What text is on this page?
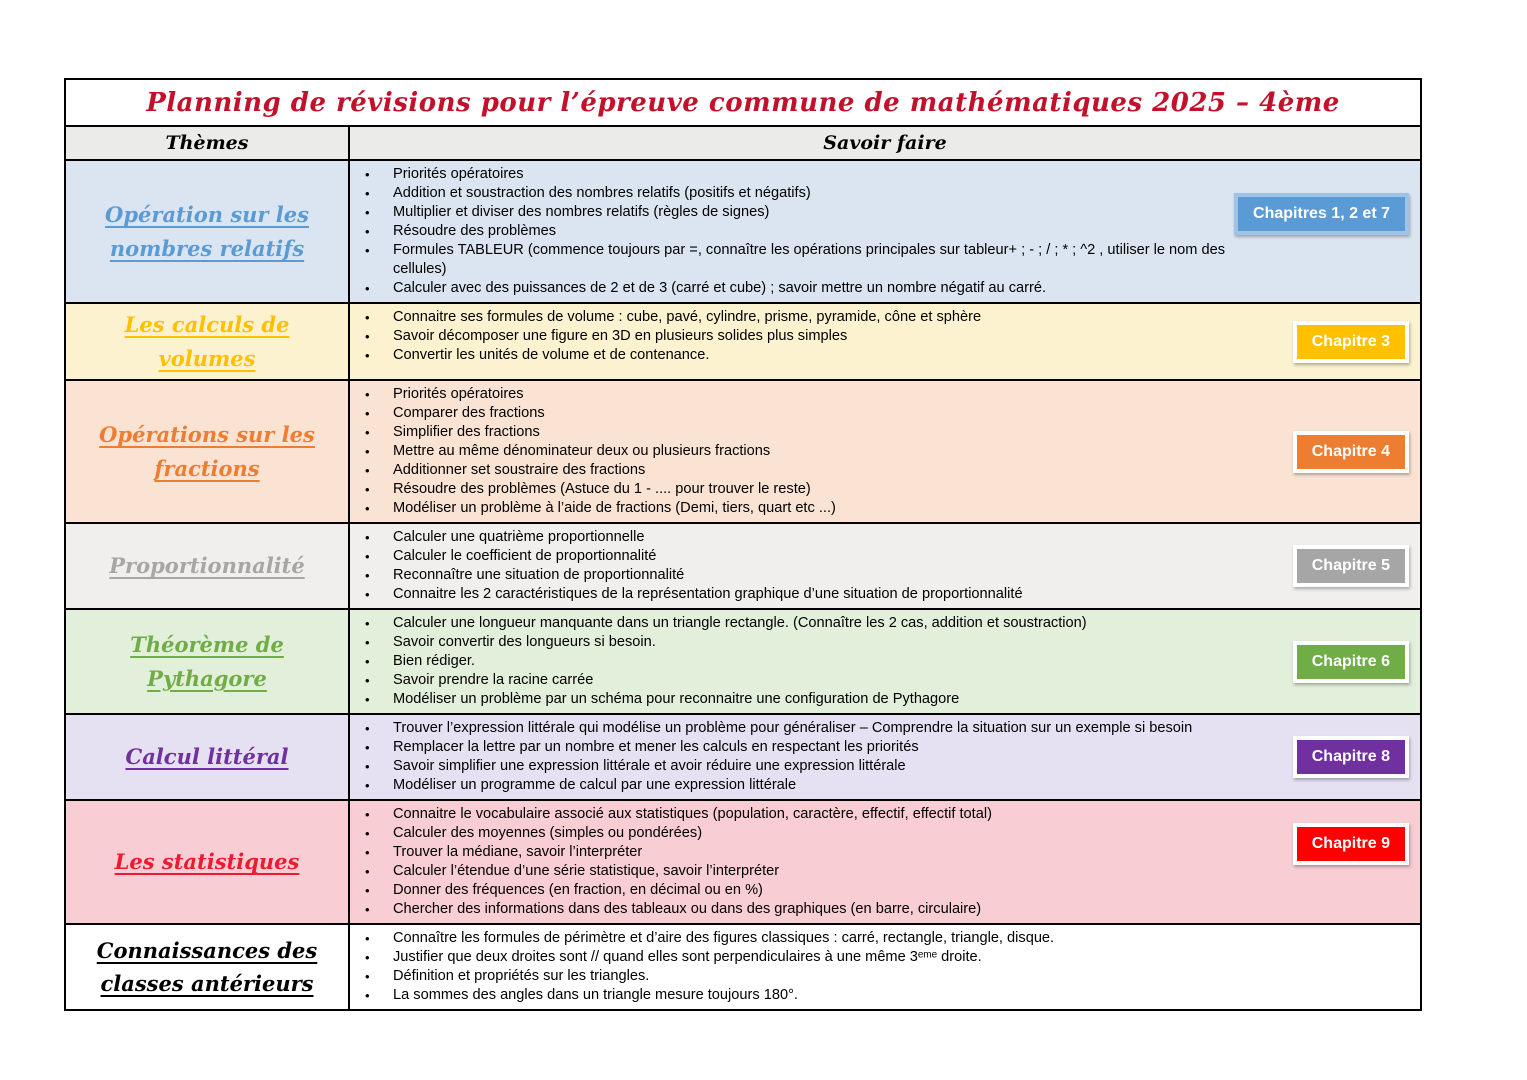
Planning de révisions pour l’épreuve commune de mathématiques 2025 – 4ème
Thèmes	Savoir faire
Opération sur les nombres relatifs
• Priorités opératoires
• Addition et soustraction des nombres relatifs (positifs et négatifs)
• Multiplier et diviser des nombres relatifs (règles de signes)
• Résoudre des problèmes
• Formules TABLEUR (commence toujours par =, connaître les opérations principales sur tableur+ ; - ; / ; * ; ^2 , utiliser le nom des cellules)
• Calculer avec des puissances de 2 et de 3 (carré et cube) ; savoir mettre un nombre négatif au carré.
Chapitres 1, 2 et 7
Les calculs de volumes
• Connaitre ses formules de volume : cube, pavé, cylindre, prisme, pyramide, cône et sphère
• Savoir décomposer une figure en 3D en plusieurs solides plus simples
• Convertir les unités de volume et de contenance.
Chapitre 3
Opérations sur les fractions
• Priorités opératoires
• Comparer des fractions
• Simplifier des fractions
• Mettre au même dénominateur deux ou plusieurs fractions
• Additionner set soustraire des fractions
• Résoudre des problèmes (Astuce du 1 - .... pour trouver le reste)
• Modéliser un problème à l’aide de fractions (Demi, tiers, quart etc ...)
Chapitre 4
Proportionnalité
• Calculer une quatrième proportionnelle
• Calculer le coefficient de proportionnalité
• Reconnaître une situation de proportionnalité
• Connaitre les 2 caractéristiques de la représentation graphique d’une situation de proportionnalité
Chapitre 5
Théorème de Pythagore
• Calculer une longueur manquante dans un triangle rectangle. (Connaître les 2 cas, addition et soustraction)
• Savoir convertir des longueurs si besoin.
• Bien rédiger.
• Savoir prendre la racine carrée
• Modéliser un problème par un schéma pour reconnaitre une configuration de Pythagore
Chapitre 6
Calcul littéral
• Trouver l’expression littérale qui modélise un problème pour généraliser – Comprendre la situation sur un exemple si besoin
• Remplacer la lettre par un nombre et mener les calculs en respectant les priorités
• Savoir simplifier une expression littérale et avoir réduire une expression littérale
• Modéliser un programme de calcul par une expression littérale
Chapitre 8
Les statistiques
• Connaitre le vocabulaire associé aux statistiques (population, caractère, effectif, effectif total)
• Calculer des moyennes (simples ou pondérées)
• Trouver la médiane, savoir l’interpréter
• Calculer l’étendue d’une série statistique, savoir l’interpréter
• Donner des fréquences (en fraction, en décimal ou en %)
• Chercher des informations dans des tableaux ou dans des graphiques (en barre, circulaire)
Chapitre 9
Connaissances des classes antérieurs
• Connaître les formules de périmètre et d’aire des figures classiques : carré, rectangle, triangle, disque.
• Justifier que deux droites sont // quand elles sont perpendiculaires à une même 3ᵉᵐᵉ droite.
• Définition et propriétés sur les triangles.
• La sommes des angles dans un triangle mesure toujours 180°.
